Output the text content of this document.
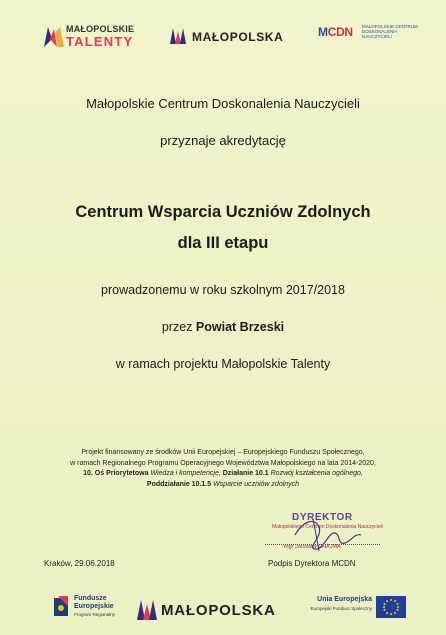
MAŁOPOLSKIE
TALENTY	MAŁOPOLSKA	MCDN MAŁOPOLSKIE CENTRUM DOSKONALENIA NAUCZYCIELI
Małopolskie Centrum Doskonalenia Nauczycieli
przyznaje akredytację
Centrum Wsparcia Uczniów Zdolnych
dla III etapu
prowadzonemu w roku szkolnym 2017/2018
przez Powiat Brzeski
w ramach projektu Małopolskie Talenty
Projekt finansowany ze środków Unii Europejskiej – Europejskiego Funduszu Społecznego,
w ramach Regionalnego Programu Operacyjnego Województwa Małopolskiego na lata 2014-2020,
10. Oś Priorytetowa Wiedza i kompetencje, Działanie 10.1 Rozwój kształcenia ogólnego,
Poddziałanie 10.1.5 Wsparcie uczniów zdolnych
DYREKTOR
Małopolskiego Centrum Doskonalenia Nauczycieli
mgr Jarosław CHAJMA
Kraków, 29.06.2018	Podpis Dyrektora MCDN
Fundusze
Europejskie
Program Regionalny	MAŁOPOLSKA
Unia Europejska
Europejski Fundusz Społeczny
